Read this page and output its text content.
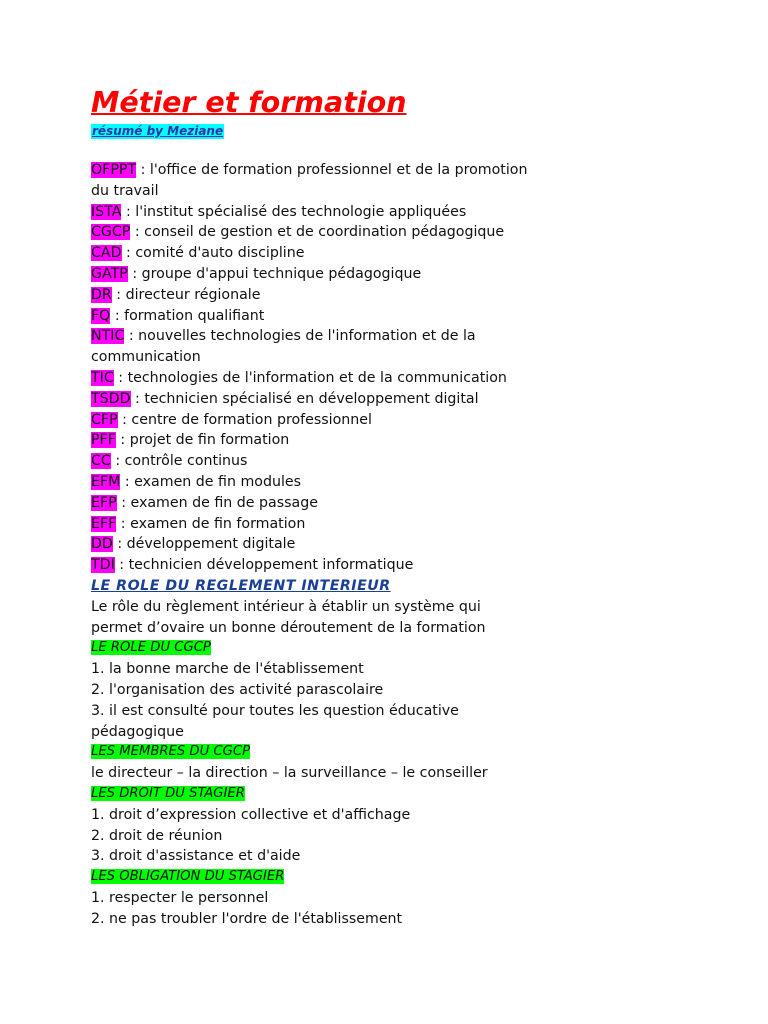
Métier et formation
résumé by Meziane
OFPPT : l'office de formation professionnel et de la promotion
du travail
ISTA : l'institut spécialisé des technologie appliquées
CGCP : conseil de gestion et de coordination pédagogique
CAD : comité d'auto discipline
GATP : groupe d'appui technique pédagogique
DR : directeur régionale
FQ : formation qualifiant
NTIC : nouvelles technologies de l'information et de la
communication
TIC : technologies de l'information et de la communication
TSDD : technicien spécialisé en développement digital
CFP : centre de formation professionnel
PFF : projet de fin formation
CC : contrôle continus
EFM : examen de fin modules
EFP : examen de fin de passage
EFF : examen de fin formation
DD : développement digitale
TDI : technicien développement informatique
LE ROLE DU REGLEMENT INTERIEUR
Le rôle du règlement intérieur à établir un système qui
permet d’ovaire un bonne déroutement de la formation
LE ROLE DU CGCP
1. la bonne marche de l'établissement
2. l'organisation des activité parascolaire
3. il est consulté pour toutes les question éducative
pédagogique
LES MEMBRES DU CGCP
le directeur – la direction – la surveillance – le conseiller
LES DROIT DU STAGIER
1. droit d’expression collective et d'affichage
2. droit de réunion
3. droit d'assistance et d'aide
LES OBLIGATION DU STAGIER
1. respecter le personnel
2. ne pas troubler l'ordre de l'établissement
